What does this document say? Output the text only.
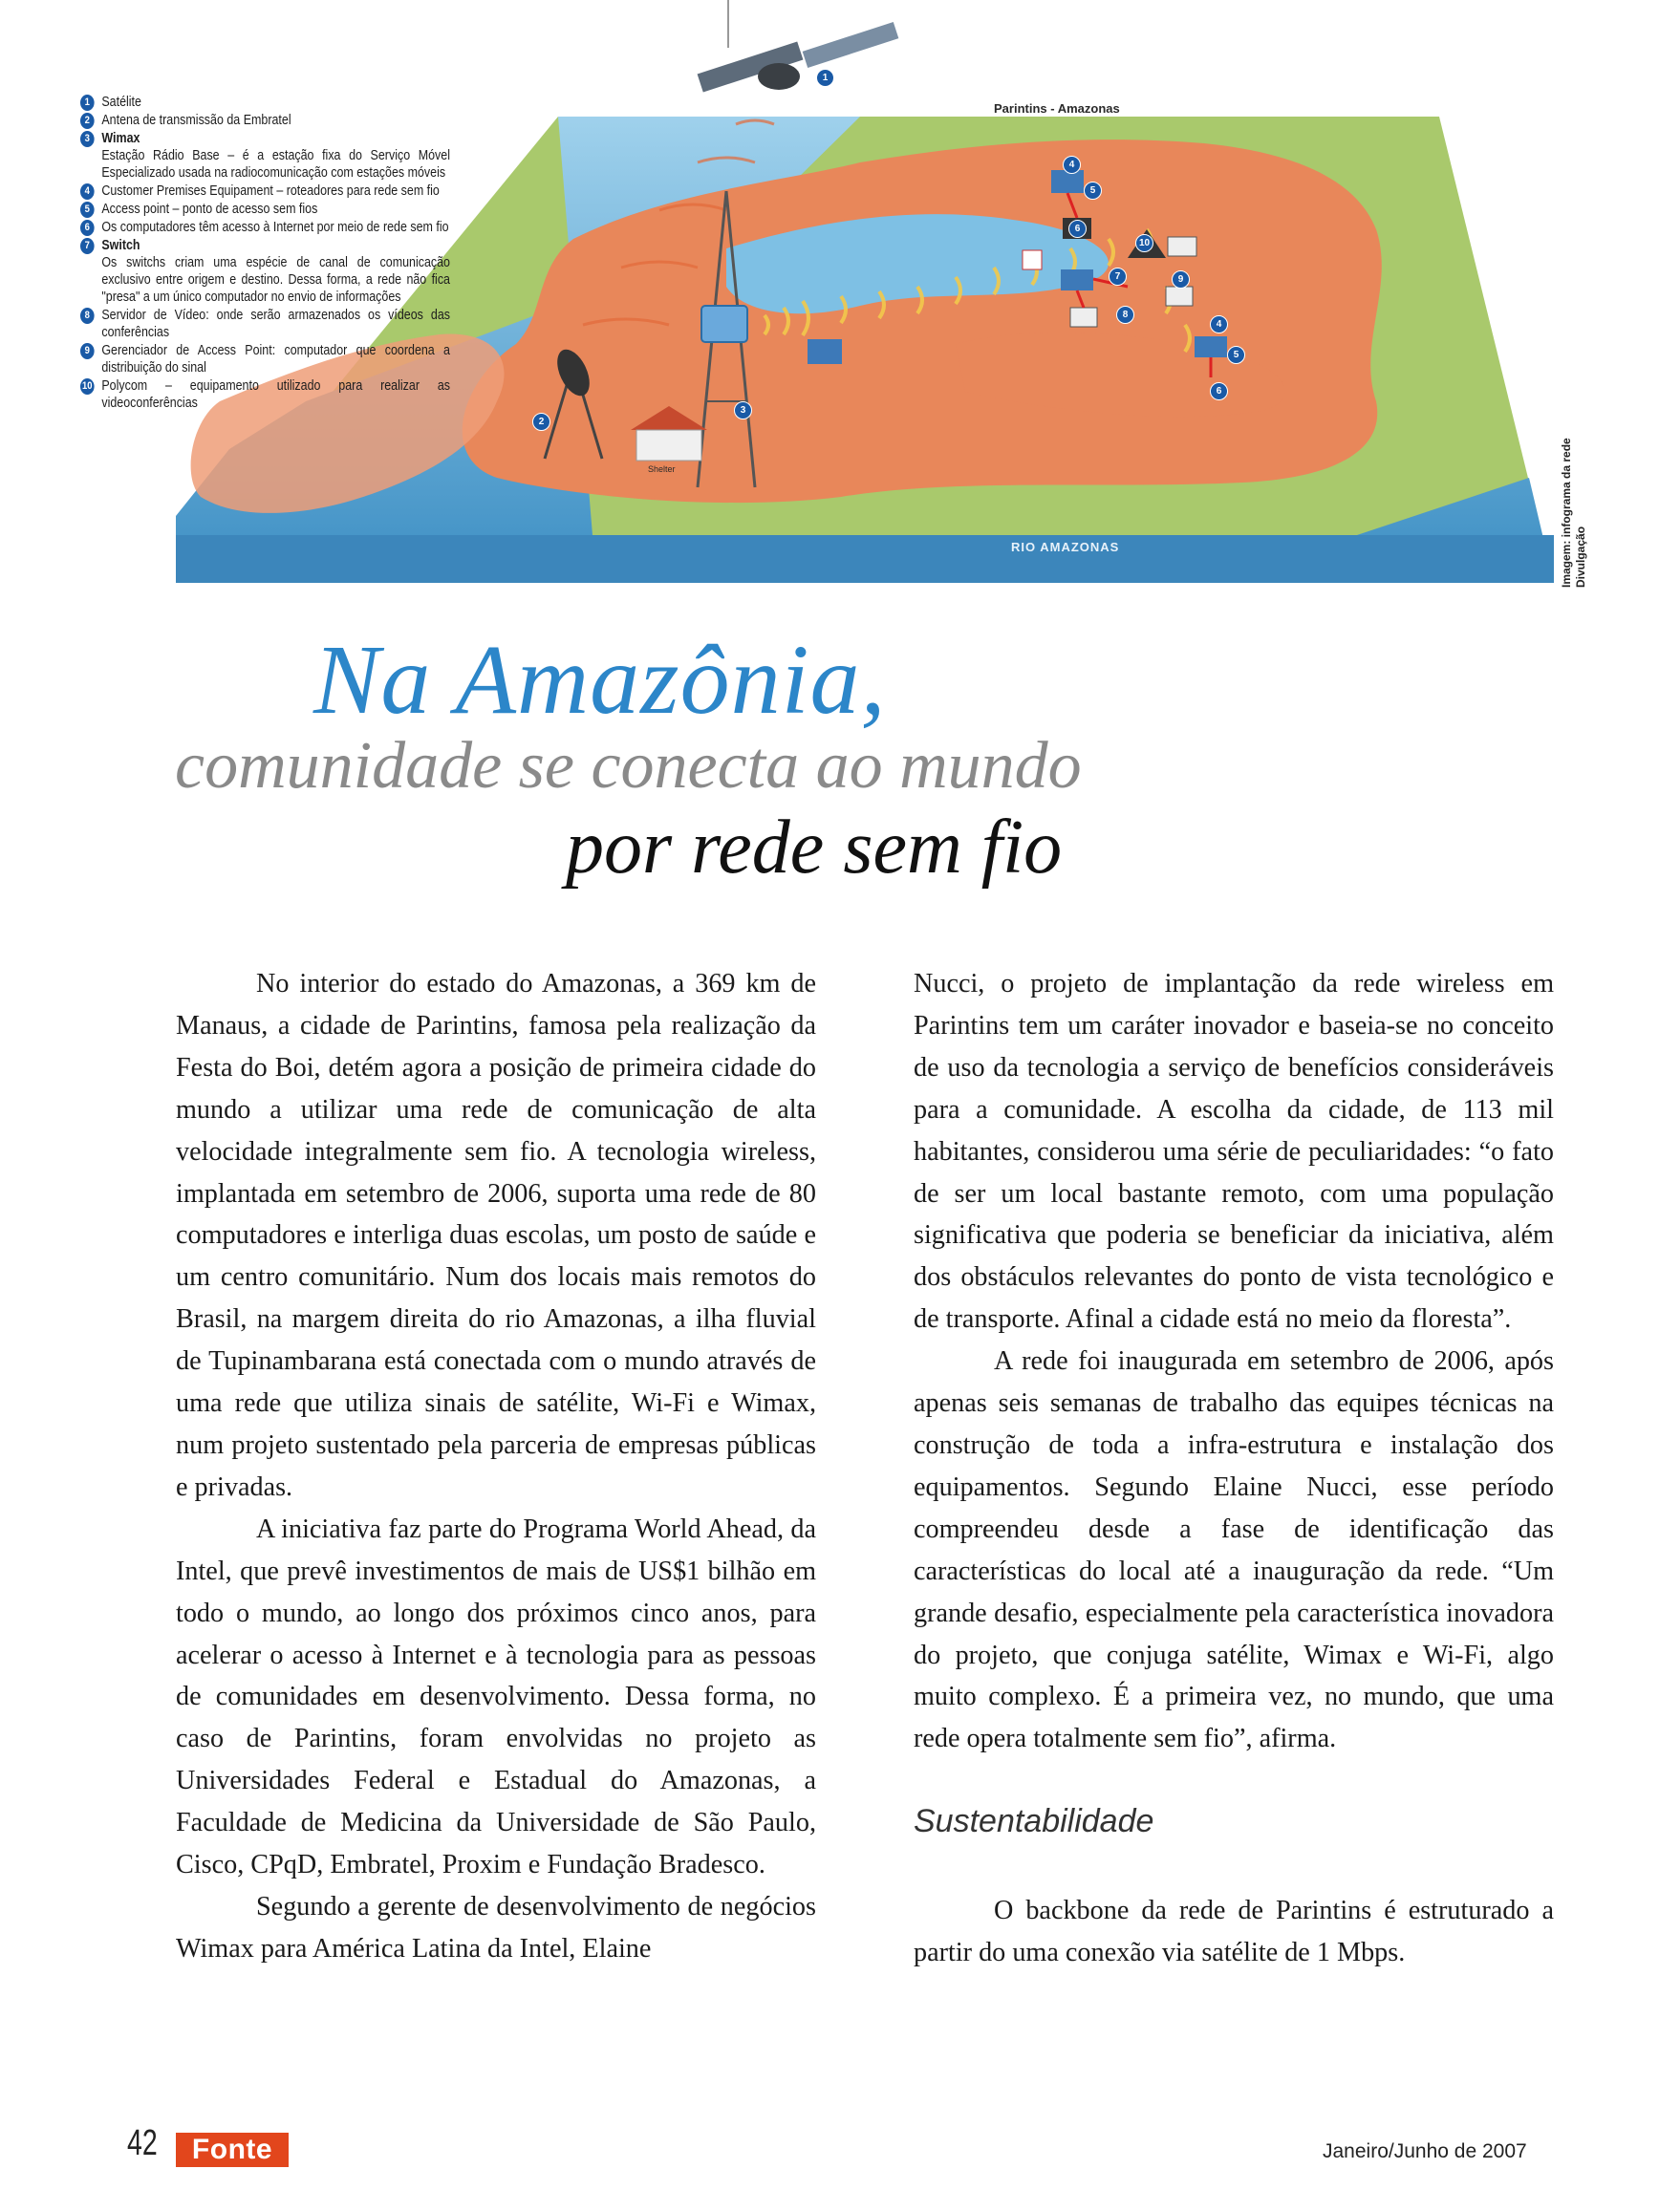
1
2
3
4
5
6
10
7	9
8
4
5
6
Parintins - Amazonas
RIO AMAZONAS
Shelter
1 Satélite
2 Antena de transmissão da Embratel
3 Wimax
Estação Rádio Base – é a estação fixa do Serviço Móvel Especializado usada na radiocomunicação com estações móveis
4 Customer Premises Equipament – roteadores para rede sem fio
5 Access point – ponto de acesso sem fios
6 Os computadores têm acesso à Internet por meio de rede sem fio
7 Switch
Os switchs criam uma espécie de canal de comunicação exclusivo entre origem e destino. Dessa forma, a rede não fica "presa" a um único computador no envio de informações
8 Servidor de Vídeo: onde serão armazenados os vídeos das conferências
9 Gerenciador de Access Point: computador que coordena a distribuição do sinal
10 Polycom – equipamento utilizado para realizar as videoconferências
Imagem: infograma da rede Divulgação
Na Amazônia,
comunidade se conecta ao mundo
por rede sem fio

No interior do estado do Amazonas, a 369 km de Manaus, a cidade de Parintins, famosa pela realização da Festa do Boi, detém agora a posição de primeira cidade do mundo a utilizar uma rede de comunicação de alta velocidade integralmente sem fio. A tecnologia wireless, implantada em setembro de 2006, suporta uma rede de 80 computadores e interliga duas escolas, um posto de saúde e um centro comunitário. Num dos locais mais remotos do Brasil, na margem direita do rio Amazonas, a ilha fluvial de Tupinambarana está conectada com o mundo através de uma rede que utiliza sinais de satélite, Wi-Fi e Wimax, num projeto sustentado pela parceria de empresas públicas e privadas.

A iniciativa faz parte do Programa World Ahead, da Intel, que prevê investimentos de mais de US$1 bilhão em todo o mundo, ao longo dos próximos cinco anos, para acelerar o acesso à Internet e à tecnologia para as pessoas de comunidades em desenvolvimento. Dessa forma, no caso de Parintins, foram envolvidas no projeto as Universidades Federal e Estadual do Amazonas, a Faculdade de Medicina da Universidade de São Paulo, Cisco, CPqD, Embratel, Proxim e Fundação Bradesco.

Segundo a gerente de desenvolvimento de negócios Wimax para América Latina da Intel, Elaine

Nucci, o projeto de implantação da rede wireless em Parintins tem um caráter inovador e baseia-se no conceito de uso da tecnologia a serviço de benefícios consideráveis para a comunidade. A escolha da cidade, de 113 mil habitantes, considerou uma série de peculiaridades: “o fato de ser um local bastante remoto, com uma população significativa que poderia se beneficiar da iniciativa, além dos obstáculos relevantes do ponto de vista tecnológico e de transporte. Afinal a cidade está no meio da floresta”.

A rede foi inaugurada em setembro de 2006, após apenas seis semanas de trabalho das equipes técnicas na construção de toda a infra-estrutura e instalação dos equipamentos. Segundo Elaine Nucci, esse período compreendeu desde a fase de identificação das características do local até a inauguração da rede. “Um grande desafio, especialmente pela característica inovadora do projeto, que conjuga satélite, Wimax e Wi-Fi, algo muito complexo. É a primeira vez, no mundo, que uma rede opera totalmente sem fio”, afirma.

Sustentabilidade

O backbone da rede de Parintins é estruturado a partir do uma conexão via satélite de 1 Mbps.

42	Fonte	Janeiro/Junho de 2007
